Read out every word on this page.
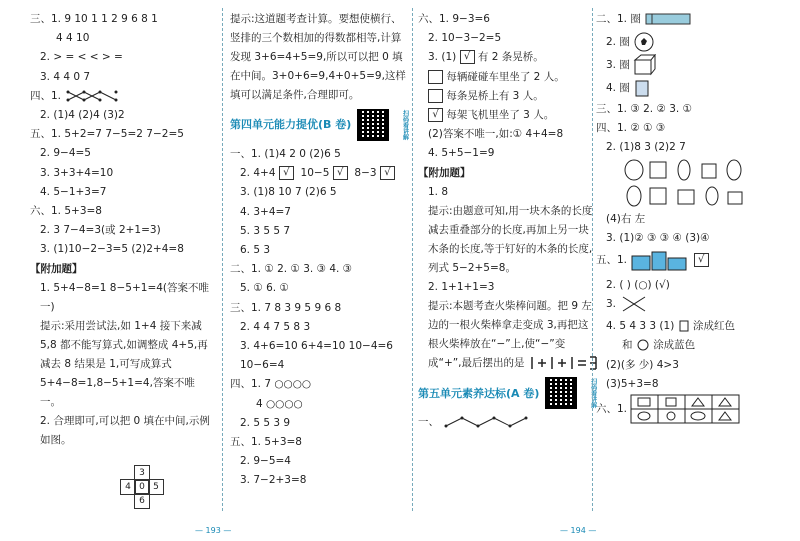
三、1. 9 10 1 1 2 9 6 8 1
4 4 10
2. > = < < > =
3. 4 4 0 7
四、1.
2. (1)4 (2)4 (3)2
五、1. 5+2=7 7−5=2 7−2=5
2. 9−4=5
3. 3+3+4=10
4. 5−1+3=7
六、1. 5+3=8
2. 3 7−4=3(或 2+1=3)
3. (1)10−2−3=5 (2)2+4=8
【附加题】
1. 5+4−8=1 8−5+1=4(答案不唯一)
提示:采用尝试法,如 1+4 接下来减 5,8 都不能写算式,如调整成 4+5,再减去 8 结果是 1,可写成算式 5+4−8=1,8−5+1=4,答案不唯一。
2. 合理即可,可以把 0 填在中间,示例如图。
3
4 0 5
6
提示:这道题考查计算。要想使横行、竖排的三个数相加的得数都相等,计算发现 3+6=4+5=9,所以可以把 0 填在中间。3+0+6=9,4+0+5=9,这样填可以满足条件,合理即可。
第四单元能力提优(B 卷)	扫码看讲解
一、1. (1)4 2 0 (2)6 5
2. 4+4 √ 10−5 √ 8−3 √
3. (1)8 10 7 (2)6 5
4. 3+4=7
5. 3 5 5 7
6. 5 3
二、1. ① 2. ① 3. ③ 4. ③
5. ① 6. ①
三、1. 7 8 3 9 5 9 6 8
2. 4 4 7 5 8 3
3. 4+6=10 6+4=10 10−4=6
10−6=4
四、1. 7 ○○○○
4 ○○○○
2. 5 5 3 9
五、1. 5+3=8
2. 9−5=4
3. 7−2+3=8
— 193 —
六、1. 9−3=6
2. 10−3−2=5
3. (1) √ 有 2 条晃桥。
每辆碰碰车里坐了 2 人。
每条晃桥上有 3 人。
√ 每架飞机里坐了 3 人。
(2)答案不唯一,如:① 4+4=8
4. 5+5−1=9
【附加题】
1. 8
提示:由题意可知,用一块木条的长度减去重叠部分的长度,再加上另一块木条的长度,等于钉好的木条的长度,列式 5−2+5=8。
2. 1+1+1=3
提示:本题考查火柴棒问题。把 9 左边的一根火柴棒拿走变成 3,再把这根火柴棒放在“−”上,使“−”变成“+”,最后摆出的是
第五单元素养达标(A 卷)	扫码看讲解
一、
— 194 —
二、1. 圈
2. 圈
3. 圈
4. 圈
三、1. ③ 2. ② 3. ①
四、1. ② ① ③
2. (1)8 3 (2)2 7
(4)右 左
3. (1)② ③ ③ ④ (3)④
五、1.	√
2. ( ) (○) (√)
3.
4. 5 4 3 3 (1) 涂成红色
和 涂成蓝色
(2)(多 少) 4>3
(3)5+3=8
六、1.
